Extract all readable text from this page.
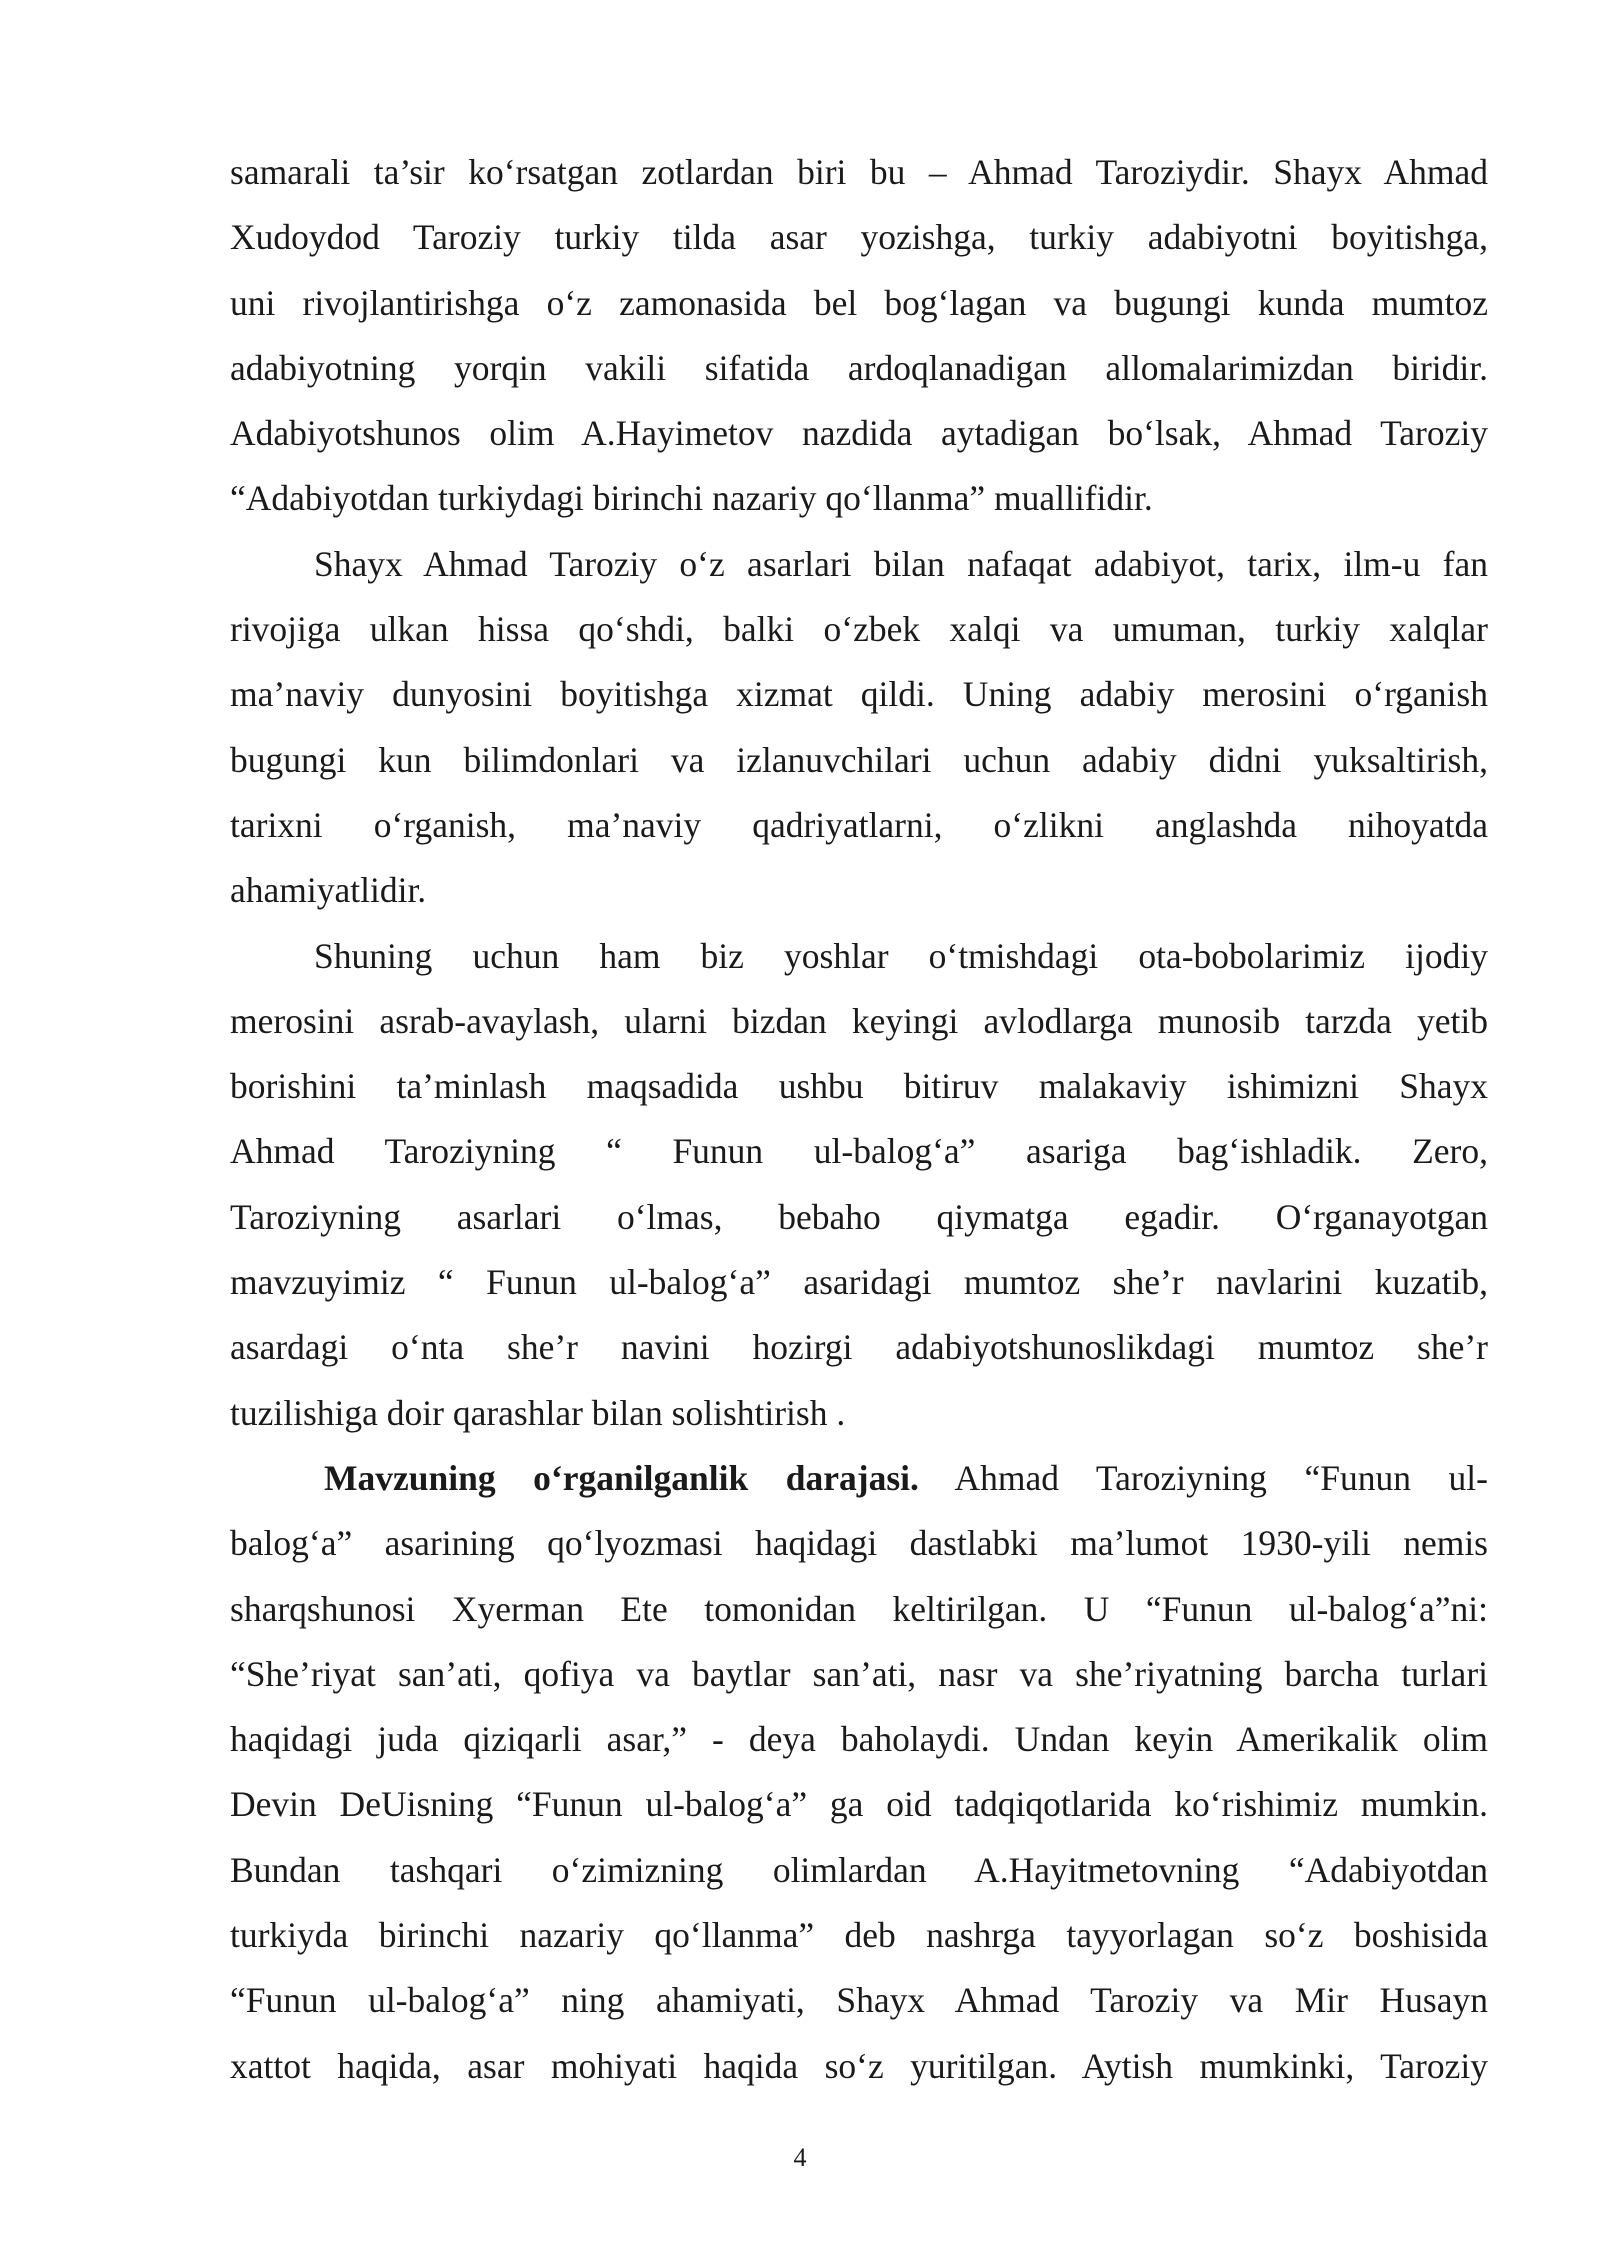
samarali ta’sir ko‘rsatgan zotlardan biri bu – Ahmad Taroziydir. Shayx Ahmad
Xudoydod Taroziy turkiy tilda asar yozishga, turkiy adabiyotni boyitishga,
uni rivojlantirishga o‘z zamonasida bel bog‘lagan va bugungi kunda mumtoz
adabiyotning yorqin vakili sifatida ardoqlanadigan allomalarimizdan biridir.
Adabiyotshunos olim A.Hayimetov nazdida aytadigan bo‘lsak, Ahmad Taroziy
“Adabiyotdan turkiydagi birinchi nazariy qo‘llanma” muallifidir.
Shayx Ahmad Taroziy o‘z asarlari bilan nafaqat adabiyot, tarix, ilm-u fan
rivojiga ulkan hissa qo‘shdi, balki o‘zbek xalqi va umuman, turkiy xalqlar
ma’naviy dunyosini boyitishga xizmat qildi. Uning adabiy merosini o‘rganish
bugungi kun bilimdonlari va izlanuvchilari uchun adabiy didni yuksaltirish,
tarixni o‘rganish, ma’naviy qadriyatlarni, o‘zlikni anglashda nihoyatda
ahamiyatlidir.
Shuning uchun ham biz yoshlar o‘tmishdagi ota-bobolarimiz ijodiy
merosini asrab-avaylash, ularni bizdan keyingi avlodlarga munosib tarzda yetib
borishini ta’minlash maqsadida ushbu bitiruv malakaviy ishimizni Shayx
Ahmad Taroziyning “ Funun ul-balog‘a” asariga bag‘ishladik. Zero,
Taroziyning asarlari o‘lmas, bebaho qiymatga egadir. O‘rganayotgan
mavzuyimiz “ Funun ul-balog‘a” asaridagi mumtoz she’r navlarini kuzatib,
asardagi o‘nta she’r navini hozirgi adabiyotshunoslikdagi mumtoz she’r
tuzilishiga doir qarashlar bilan solishtirish .
Mavzuning o‘rganilganlik darajasi. Ahmad Taroziyning “Funun ul-
balog‘a” asarining qo‘lyozmasi haqidagi dastlabki ma’lumot 1930-yili nemis
sharqshunosi Xyerman Ete tomonidan keltirilgan. U “Funun ul-balog‘a”ni:
“She’riyat san’ati, qofiya va baytlar san’ati, nasr va she’riyatning barcha turlari
haqidagi juda qiziqarli asar,” - deya baholaydi. Undan keyin Amerikalik olim
Devin DeUisning “Funun ul-balog‘a” ga oid tadqiqotlarida ko‘rishimiz mumkin.
Bundan tashqari o‘zimizning olimlardan A.Hayitmetovning “Adabiyotdan
turkiyda birinchi nazariy qo‘llanma” deb nashrga tayyorlagan so‘z boshisida
“Funun ul-balog‘a” ning ahamiyati, Shayx Ahmad Taroziy va Mir Husayn
xattot haqida, asar mohiyati haqida so‘z yuritilgan. Aytish mumkinki, Taroziy
4
